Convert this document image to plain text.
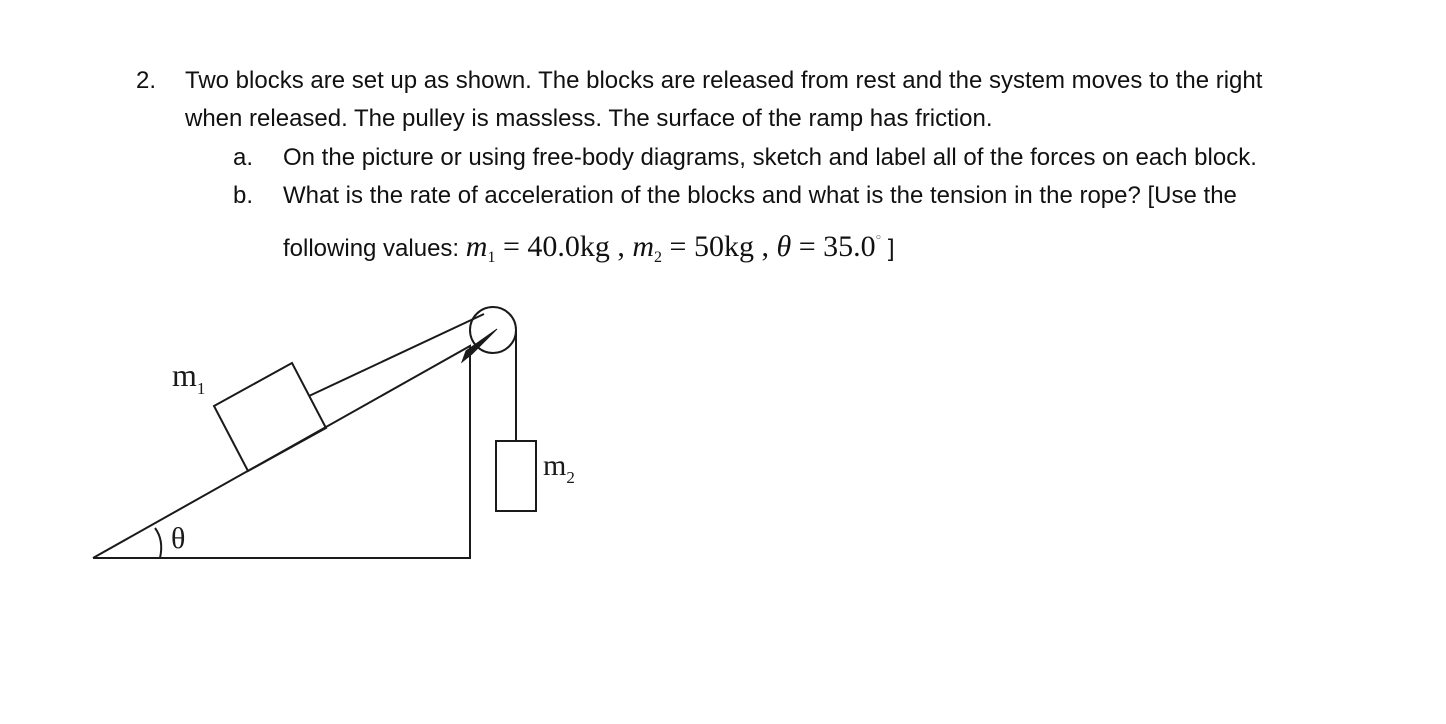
2. Two blocks are set up as shown. The blocks are released from rest and the system moves to the right
when released. The pulley is massless. The surface of the ramp has friction.
a. On the picture or using free-body diagrams, sketch and label all of the forces on each block.
b. What is the rate of acceleration of the blocks and what is the tension in the rope? [Use the
following values: $m_1 = 40.0kg$ , $m_2 = 50kg$ , θ = 35.0° ]
$m_1$
$m_2$
θ
